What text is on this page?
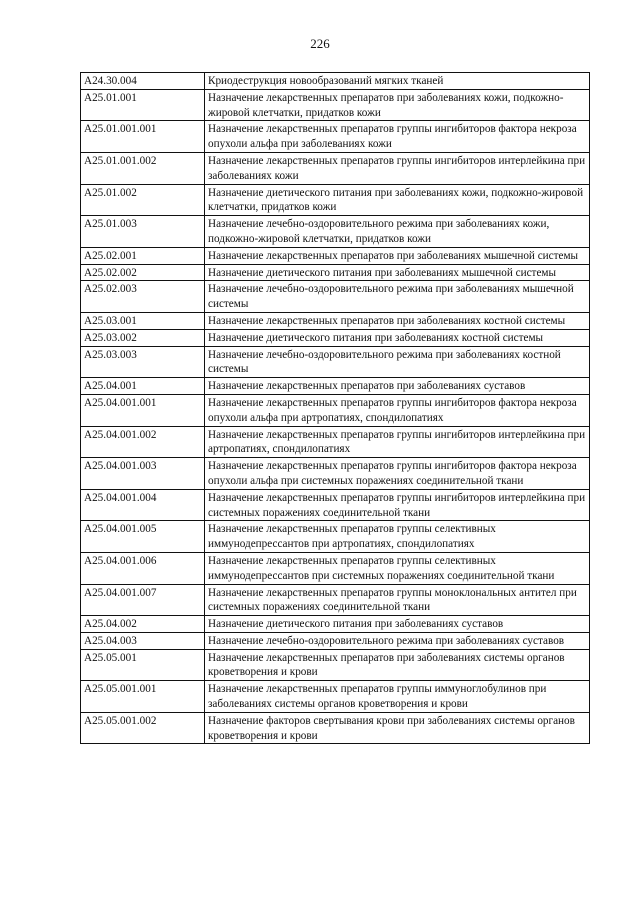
226
A24.30.004	Криодеструкция новообразований мягких тканей
A25.01.001	Назначение лекарственных препаратов при заболеваниях кожи, подкожно-жировой клетчатки, придатков кожи
A25.01.001.001	Назначение лекарственных препаратов группы ингибиторов фактора некроза опухоли альфа при заболеваниях кожи
A25.01.001.002	Назначение лекарственных препаратов группы ингибиторов интерлейкина при заболеваниях кожи
A25.01.002	Назначение диетического питания при заболеваниях кожи, подкожно-жировой клетчатки, придатков кожи
A25.01.003	Назначение лечебно-оздоровительного режима при заболеваниях кожи, подкожно-жировой клетчатки, придатков кожи
A25.02.001	Назначение лекарственных препаратов при заболеваниях мышечной системы
A25.02.002	Назначение диетического питания при заболеваниях мышечной системы
A25.02.003	Назначение лечебно-оздоровительного режима при заболеваниях мышечной системы
A25.03.001	Назначение лекарственных препаратов при заболеваниях костной системы
A25.03.002	Назначение диетического питания при заболеваниях костной системы
A25.03.003	Назначение лечебно-оздоровительного режима при заболеваниях костной системы
A25.04.001	Назначение лекарственных препаратов при заболеваниях суставов
A25.04.001.001	Назначение лекарственных препаратов группы ингибиторов фактора некроза опухоли альфа при артропатиях, спондилопатиях
A25.04.001.002	Назначение лекарственных препаратов группы ингибиторов интерлейкина при артропатиях, спондилопатиях
A25.04.001.003	Назначение лекарственных препаратов группы ингибиторов фактора некроза опухоли альфа при системных поражениях соединительной ткани
A25.04.001.004	Назначение лекарственных препаратов группы ингибиторов интерлейкина при системных поражениях соединительной ткани
A25.04.001.005	Назначение лекарственных препаратов группы селективных иммунодепрессантов при артропатиях, спондилопатиях
A25.04.001.006	Назначение лекарственных препаратов группы селективных иммунодепрессантов при системных поражениях соединительной ткани
A25.04.001.007	Назначение лекарственных препаратов группы моноклональных антител при системных поражениях соединительной ткани
A25.04.002	Назначение диетического питания при заболеваниях суставов
A25.04.003	Назначение лечебно-оздоровительного режима при заболеваниях суставов
A25.05.001	Назначение лекарственных препаратов при заболеваниях системы органов кроветворения и крови
A25.05.001.001	Назначение лекарственных препаратов группы иммуноглобулинов при заболеваниях системы органов кроветворения и крови
A25.05.001.002	Назначение факторов свертывания крови при заболеваниях системы органов кроветворения и крови
